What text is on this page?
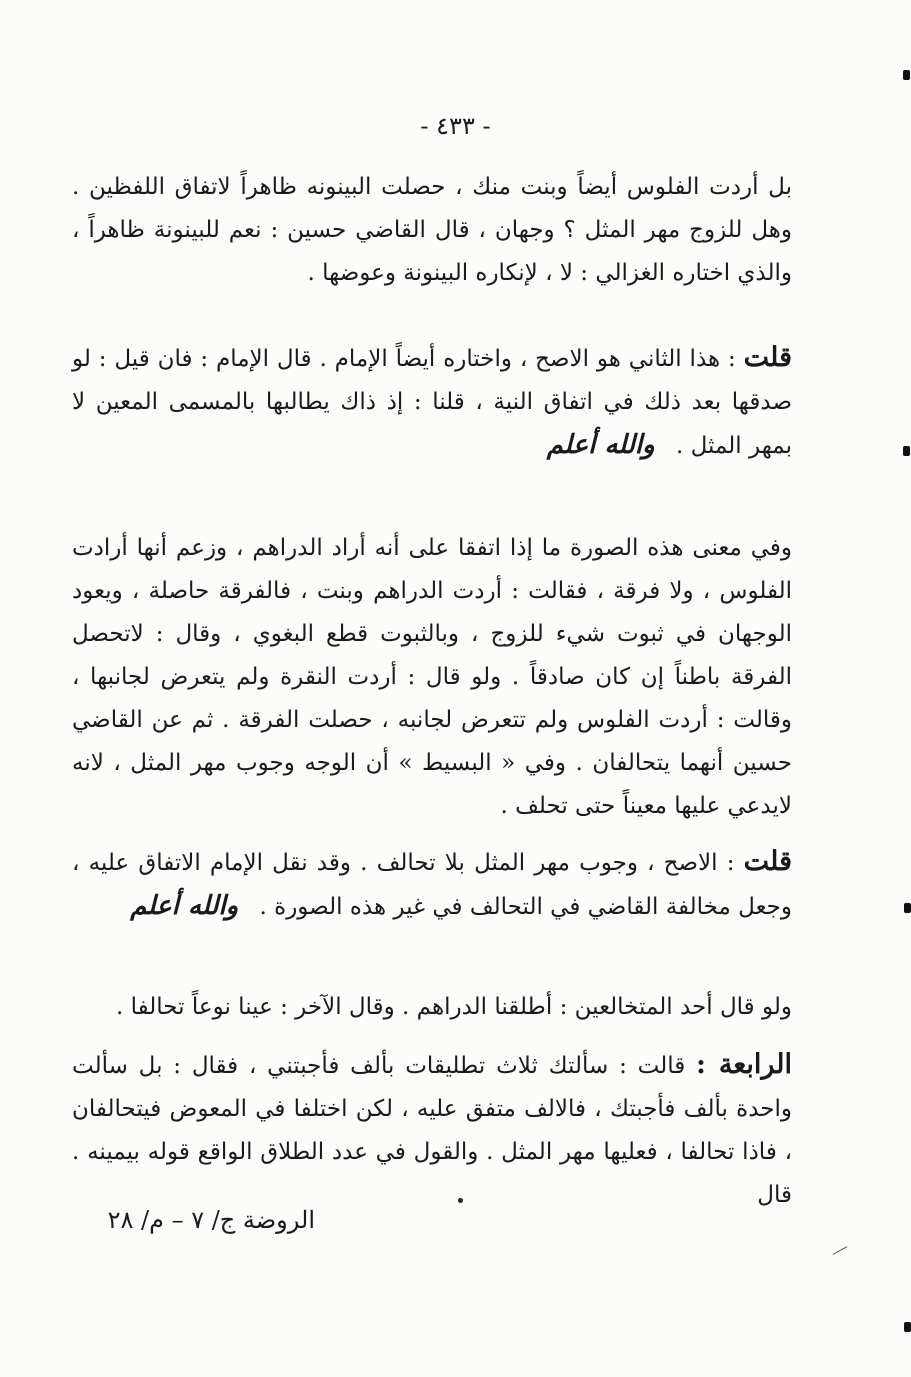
- ٤٣٣ -

بل أردت الفلوس أيضاً وبنت منك ، حصلت البينونه ظاهراً لاتفاق اللفظين . وهل للزوج مهر المثل ؟ وجهان ، قال القاضي حسين : نعم للبينونة ظاهراً ، والذي اختاره الغزالي : لا ، لإنكاره البينونة وعوضها .

قلت : هذا الثاني هو الاصح ، واختاره أيضاً الإمام . قال الإمام : فان قيل : لو صدقها بعد ذلك في اتفاق النية ، قلنا : إذ ذاك يطالبها بالمسمى المعين لا بمهر المثل . والله أعلم

وفي معنى هذه الصورة ما إذا اتفقا على أنه أراد الدراهم ، وزعم أنها أرادت الفلوس ، ولا فرقة ، فقالت : أردت الدراهم وبنت ، فالفرقة حاصلة ، ويعود الوجهان في ثبوت شيء للزوج ، وبالثبوت قطع البغوي ، وقال : لاتحصل الفرقة باطناً إن كان صادقاً . ولو قال : أردت النقرة ولم يتعرض لجانبها ، وقالت : أردت الفلوس ولم تتعرض لجانبه ، حصلت الفرقة . ثم عن القاضي حسين أنهما يتحالفان . وفي « البسيط » أن الوجه وجوب مهر المثل ، لانه لايدعي عليها معيناً حتى تحلف .

قلت : الاصح ، وجوب مهر المثل بلا تحالف . وقد نقل الإمام الاتفاق عليه ، وجعل مخالفة القاضي في التحالف في غير هذه الصورة . والله أعلم

ولو قال أحد المتخالعين : أطلقنا الدراهم . وقال الآخر : عينا نوعاً تحالفا .

الرابعة : قالت : سألتك ثلاث تطليقات بألف فأجبتني ، فقال : بل سألت واحدة بألف فأجبتك ، فالالف متفق عليه ، لكن اختلفا في المعوض فيتحالفان ، فاذا تحالفا ، فعليها مهر المثل . والقول في عدد الطلاق الواقع قوله بيمينه . قال

الروضة ج/ ٧ – م/ ٢٨
